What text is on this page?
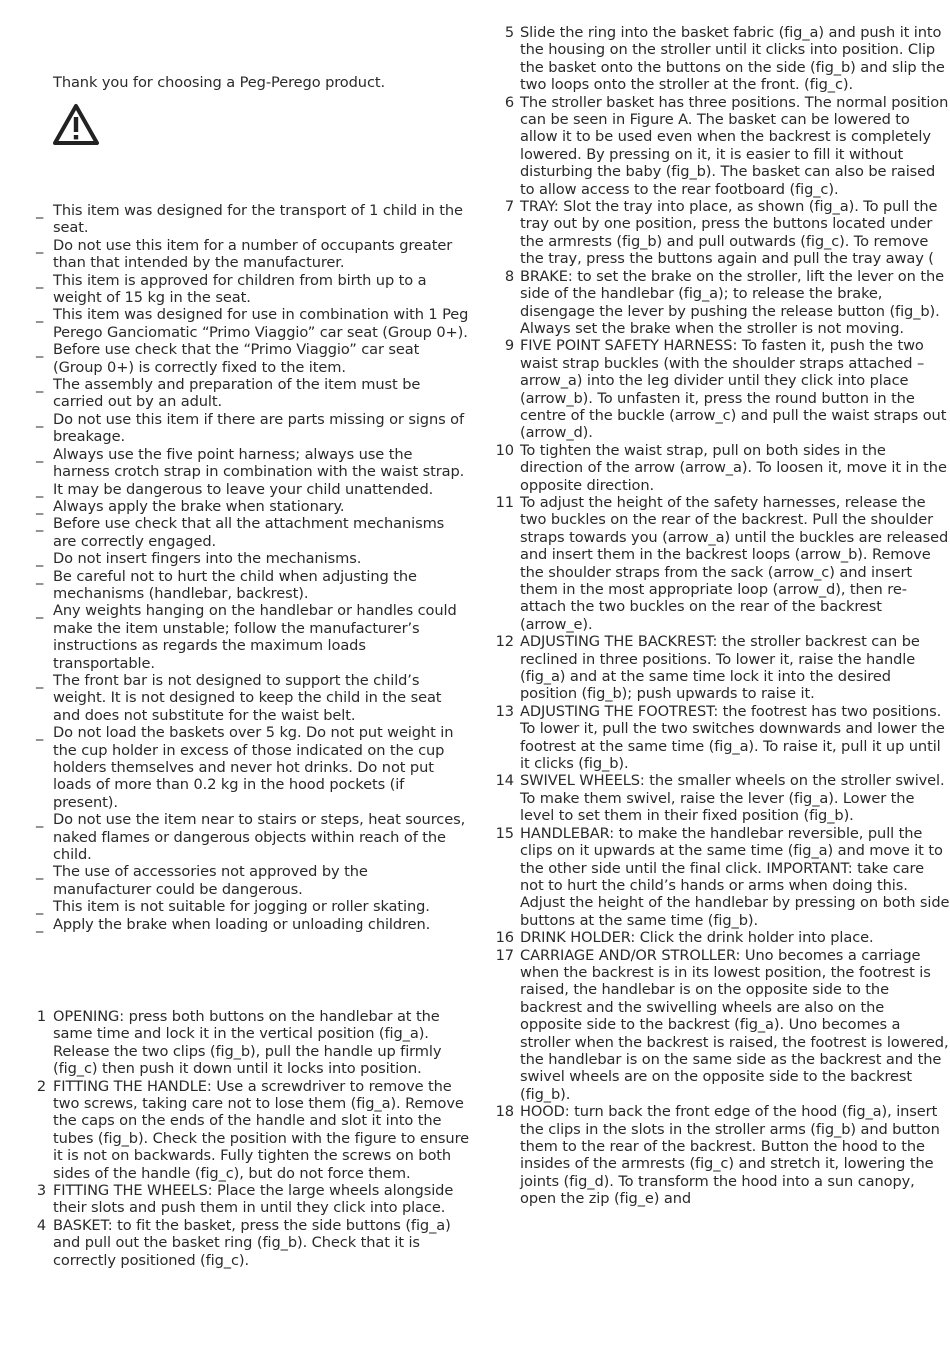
Thank you for choosing a Peg-Perego product.
_ This item was designed for the transport of 1 child in the seat.
_ Do not use this item for a number of occupants greater than that intended by the manufacturer.
_ This item is approved for children from birth up to a weight of 15 kg in the seat.
_ This item was designed for use in combination with 1 Peg Perego Ganciomatic “Primo Viaggio” car seat (Group 0+).
_ Before use check that the “Primo Viaggio” car seat (Group 0+) is correctly fixed to the item.
_ The assembly and preparation of the item must be carried out by an adult.
_ Do not use this item if there are parts missing or signs of breakage.
_ Always use the five point harness; always use the harness crotch strap in combination with the waist strap.
_ It may be dangerous to leave your child unattended.
_ Always apply the brake when stationary.
_ Before use check that all the attachment mechanisms are correctly engaged.
_ Do not insert fingers into the mechanisms.
_ Be careful not to hurt the child when adjusting the mechanisms (handlebar, backrest).
_ Any weights hanging on the handlebar or handles could make the item unstable; follow the manufacturer’s instructions as regards the maximum loads transportable.
_ The front bar is not designed to support the child’s weight. It is not designed to keep the child in the seat and does not substitute for the waist belt.
_ Do not load the baskets over 5 kg. Do not put weight in the cup holder in excess of those indicated on the cup holders themselves and never hot drinks. Do not put loads of more than 0.2 kg in the hood pockets (if present).
_ Do not use the item near to stairs or steps, heat sources, naked flames or dangerous objects within reach of the child.
_ The use of accessories not approved by the manufacturer could be dangerous.
_ This item is not suitable for jogging or roller skating.
_ Apply the brake when loading or unloading children.
1 OPENING: press both buttons on the handlebar at the same time and lock it in the vertical position (fig_a). Release the two clips (fig_b), pull the handle up firmly (fig_c) then push it down until it locks into position.
2 FITTING THE HANDLE: Use a screwdriver to remove the two screws, taking care not to lose them (fig_a). Remove the caps on the ends of the handle and slot it into the tubes (fig_b). Check the position with the figure to ensure it is not on backwards. Fully tighten the screws on both sides of the handle (fig_c), but do not force them.
3 FITTING THE WHEELS: Place the large wheels alongside their slots and push them in until they click into place.
4 BASKET: to fit the basket, press the side buttons (fig_a) and pull out the basket ring (fig_b). Check that it is correctly positioned (fig_c).
5 Slide the ring into the basket fabric (fig_a) and push it into the housing on the stroller until it clicks into position. Clip the basket onto the buttons on the side (fig_b) and slip the two loops onto the stroller at the front. (fig_c).
6 The stroller basket has three positions. The normal position can be seen in Figure A. The basket can be lowered to allow it to be used even when the backrest is completely lowered. By pressing on it, it is easier to fill it without disturbing the baby (fig_b). The basket can also be raised to allow access to the rear footboard (fig_c).
7 TRAY: Slot the tray into place, as shown (fig_a). To pull the tray out by one position, press the buttons located under the armrests (fig_b) and pull outwards (fig_c). To remove the tray, press the buttons again and pull the tray away (
8 BRAKE: to set the brake on the stroller, lift the lever on the side of the handlebar (fig_a); to release the brake, disengage the lever by pushing the release button (fig_b). Always set the brake when the stroller is not moving.
9 FIVE POINT SAFETY HARNESS: To fasten it, push the two waist strap buckles (with the shoulder straps attached – arrow_a) into the leg divider until they click into place (arrow_b). To unfasten it, press the round button in the centre of the buckle (arrow_c) and pull the waist straps out (arrow_d).
10 To tighten the waist strap, pull on both sides in the direction of the arrow (arrow_a). To loosen it, move it in the opposite direction.
11 To adjust the height of the safety harnesses, release the two buckles on the rear of the backrest. Pull the shoulder straps towards you (arrow_a) until the buckles are released and insert them in the backrest loops (arrow_b). Remove the shoulder straps from the sack (arrow_c) and insert them in the most appropriate loop (arrow_d), then re-attach the two buckles on the rear of the backrest (arrow_e).
12 ADJUSTING THE BACKREST: the stroller backrest can be reclined in three positions. To lower it, raise the handle (fig_a) and at the same time lock it into the desired position (fig_b); push upwards to raise it.
13 ADJUSTING THE FOOTREST: the footrest has two positions. To lower it, pull the two switches downwards and lower the footrest at the same time (fig_a). To raise it, pull it up until it clicks (fig_b).
14 SWIVEL WHEELS: the smaller wheels on the stroller swivel. To make them swivel, raise the lever (fig_a). Lower the level to set them in their fixed position (fig_b).
15 HANDLEBAR: to make the handlebar reversible, pull the clips on it upwards at the same time (fig_a) and move it to the other side until the final click. IMPORTANT: take care not to hurt the child’s hands or arms when doing this. Adjust the height of the handlebar by pressing on both side buttons at the same time (fig_b).
16 DRINK HOLDER: Click the drink holder into place.
17 CARRIAGE AND/OR STROLLER: Uno becomes a carriage when the backrest is in its lowest position, the footrest is raised, the handlebar is on the opposite side to the backrest and the swivelling wheels are also on the opposite side to the backrest (fig_a). Uno becomes a stroller when the backrest is raised, the footrest is lowered, the handlebar is on the same side as the backrest and the swivel wheels are on the opposite side to the backrest (fig_b).
18 HOOD: turn back the front edge of the hood (fig_a), insert the clips in the slots in the stroller arms (fig_b) and button them to the rear of the backrest. Button the hood to the insides of the armrests (fig_c) and stretch it, lowering the joints (fig_d). To transform the hood into a sun canopy, open the zip (fig_e) and
